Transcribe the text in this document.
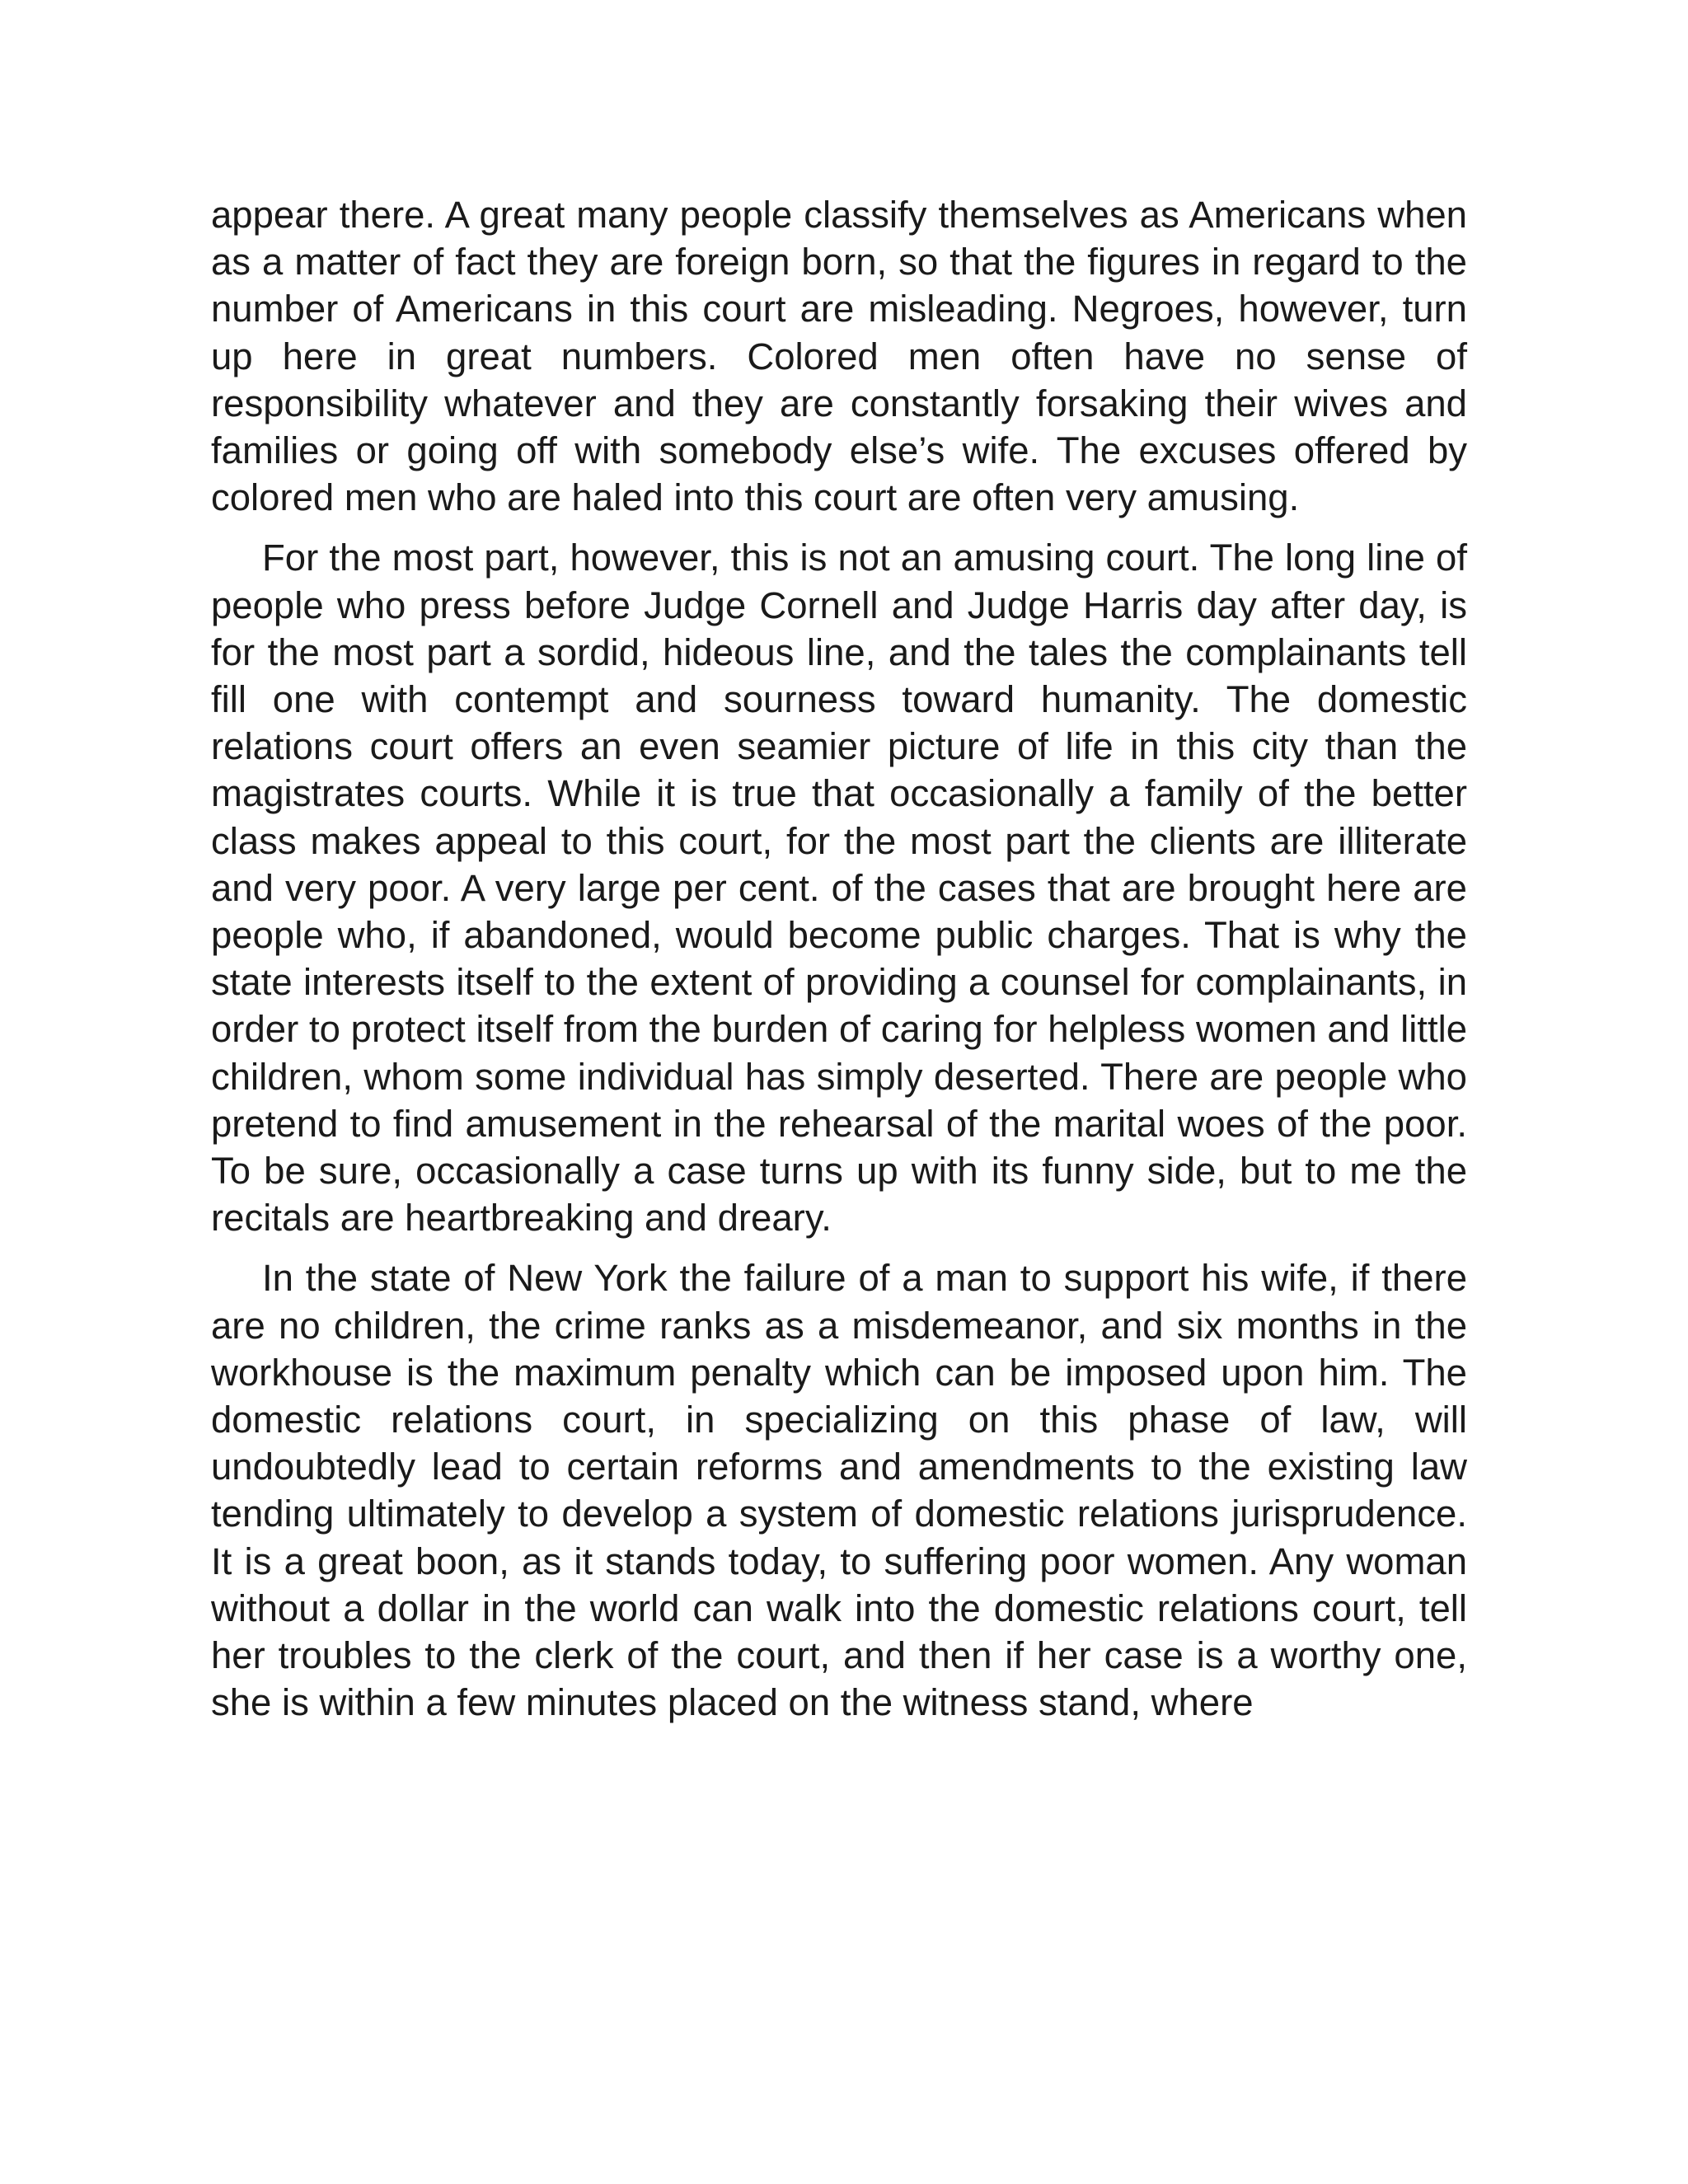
appear there. A great many people classify themselves as Americans when as a matter of fact they are foreign born, so that the figures in regard to the number of Americans in this court are misleading. Negroes, however, turn up here in great numbers. Colored men often have no sense of responsibility whatever and they are constantly forsaking their wives and families or going off with somebody else’s wife. The excuses offered by colored men who are haled into this court are often very amusing.

For the most part, however, this is not an amusing court. The long line of people who press before Judge Cornell and Judge Harris day after day, is for the most part a sordid, hideous line, and the tales the complainants tell fill one with contempt and sourness toward humanity. The domestic relations court offers an even seamier picture of life in this city than the magistrates courts. While it is true that occasionally a family of the better class makes appeal to this court, for the most part the clients are illiterate and very poor. A very large per cent. of the cases that are brought here are people who, if abandoned, would become public charges. That is why the state interests itself to the extent of providing a counsel for complainants, in order to protect itself from the burden of caring for helpless women and little children, whom some individual has simply deserted. There are people who pretend to find amusement in the rehearsal of the marital woes of the poor. To be sure, occasionally a case turns up with its funny side, but to me the recitals are heartbreaking and dreary.

In the state of New York the failure of a man to support his wife, if there are no children, the crime ranks as a misdemeanor, and six months in the workhouse is the maximum penalty which can be imposed upon him. The domestic relations court, in specializing on this phase of law, will undoubtedly lead to certain reforms and amendments to the existing law tending ultimately to develop a system of domestic relations jurisprudence. It is a great boon, as it stands today, to suffering poor women. Any woman without a dollar in the world can walk into the domestic relations court, tell her troubles to the clerk of the court, and then if her case is a worthy one, she is within a few minutes placed on the witness stand, where
